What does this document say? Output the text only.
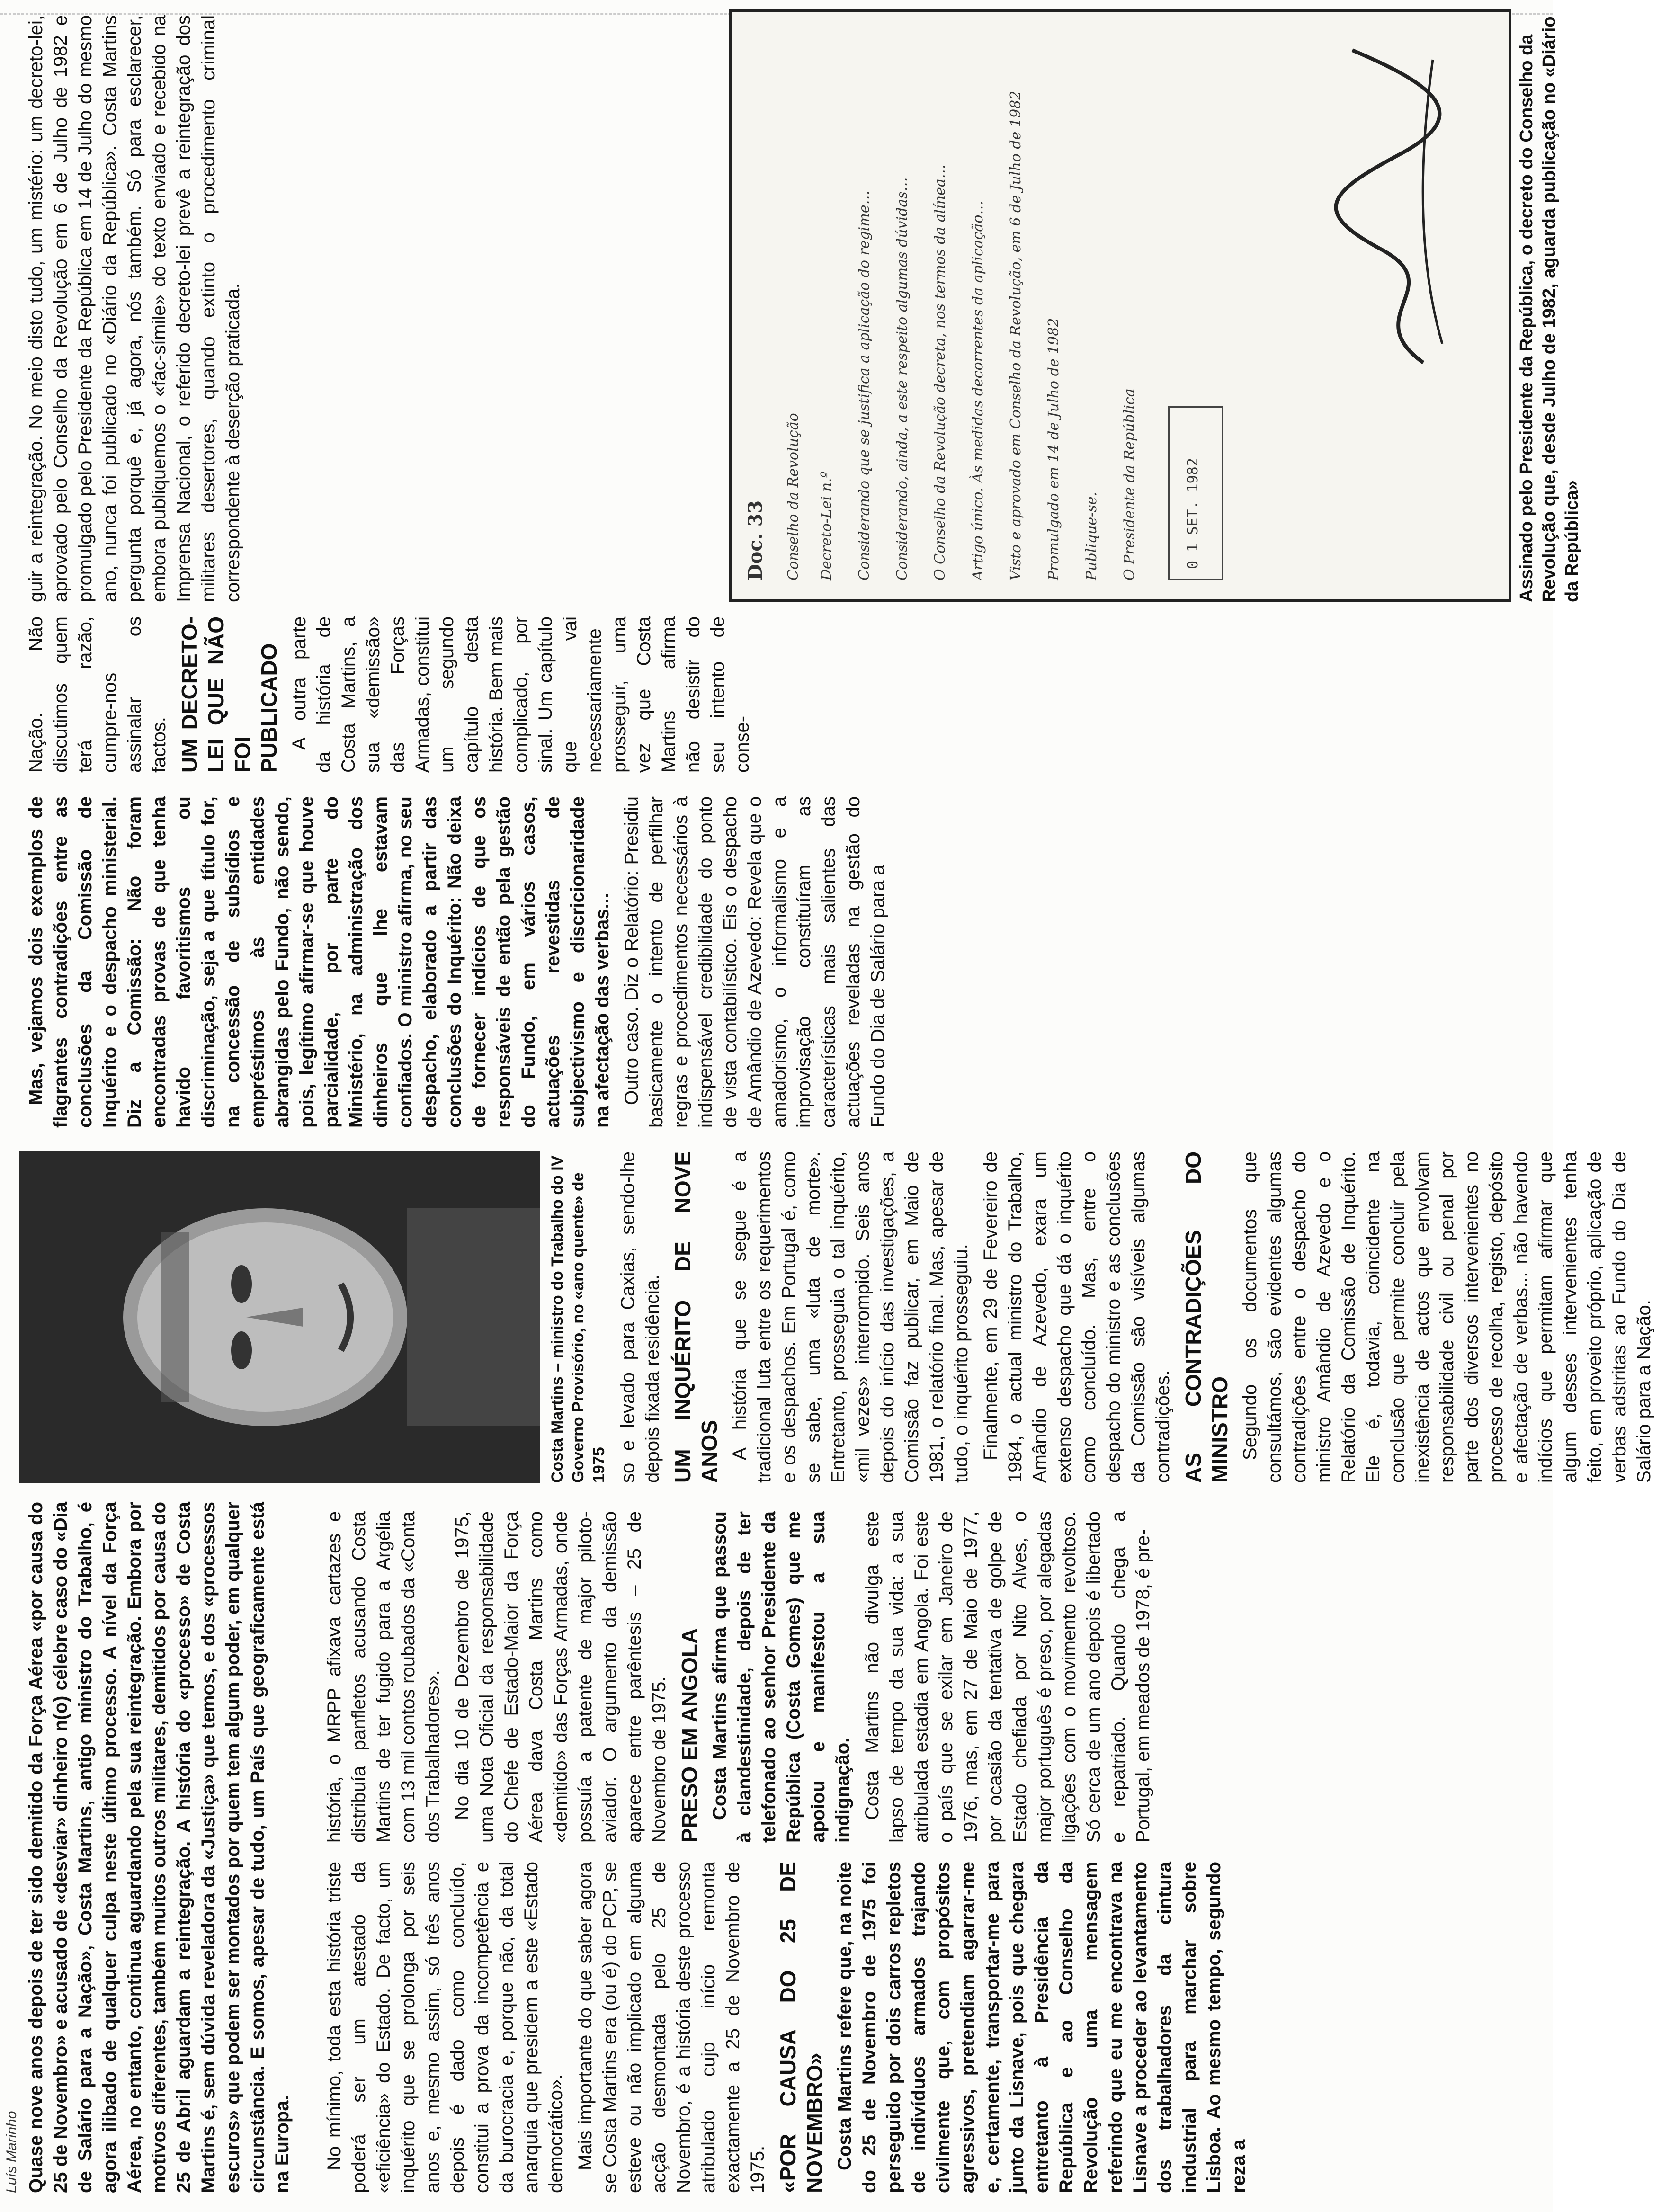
Luís Marinho Quase nove anos depois de ter sido demitido da Força Aérea «por causa do 25 de Novembro» e acusado de «desviar» dinheiro n(o) célebre caso do «Dia de Salário para a Nação», Costa Martins, antigo ministro do Trabalho, é agora ilibado de qualquer culpa neste último processo. A nível da Força Aérea, no entanto, continua aguardando pela sua reintegração. Embora por motivos diferentes, também muitos outros militares, demitidos por causa do 25 de Abril aguardam a reintegração. A história do «processo» de Costa Martins é, sem dúvida reveladora da «Justiça» que temos, e dos «processos escuros» que podem ser montados por quem tem algum poder, em qualquer circunstância. E somos, apesar de tudo, um País que geograficamente está na Europa. No mínimo, toda esta história triste poderá ser um atestado da «eficiência» do Estado. De facto, um inquérito que se prolonga por seis anos e, mesmo assim, só três anos depois é dado como concluído, constitui a prova da incompetência e da burocracia e, porque não, da total anarquia que presidem a este «Estado democrático». Mais importante do que saber agora se Costa Martins era (ou é) do PCP, se esteve ou não implicado em alguma acção desmontada pelo 25 de Novembro, é a história deste processo atribulado cujo início remonta exactamente a 25 de Novembro de 1975. «POR CAUSA DO 25 DE NOVEMBRO» Costa Martins refere que, na noite do 25 de Novembro de 1975 foi perseguido por dois carros repletos de indivíduos armados trajando civilmente que, com propósitos agressivos, pretendiam agarrar-me e, certamente, transportar-me para junto da Lisnave, pois que chegara entretanto à Presidência da República e ao Conselho da Revolução uma mensagem referindo que eu me encontrava na Lisnave a proceder ao levantamento dos trabalhadores da cintura industrial para marchar sobre Lisboa. Ao mesmo tempo, segundo reza a

história, o MRPP afixava cartazes e distribuía panfletos acusando Costa Martins de ter fugido para a Argélia com 13 mil contos roubados da «Conta dos Trabalhadores». No dia 10 de Dezembro de 1975, uma Nota Oficial da responsabilidade do Chefe de Estado-Maior da Força Aérea dava Costa Martins como «demitido» das Forças Armadas, onde possuía a patente de major piloto-aviador. O argumento da demissão aparece entre parêntesis – 25 de Novembro de 1975. PRESO EM ANGOLA Costa Martins afirma que passou à clandestinidade, depois de ter telefonado ao senhor Presidente da República (Costa Gomes) que me apoiou e manifestou a sua indignação. Costa Martins não divulga este lapso de tempo da sua vida: a sua atribulada estadia em Angola. Foi este o país que se exilar em Janeiro de 1976, mas, em 27 de Maio de 1977, por ocasião da tentativa de golpe de Estado chefiada por Nito Alves, o major português é preso, por alegadas ligações com o movimento revoltoso. Só cerca de um ano depois é libertado e repatriado. Quando chega a Portugal, em meados de 1978, é pre-

Costa Martins – ministro do Trabalho do IV Governo Provisório, no «ano quente» de 1975 so e levado para Caxias, sendo-lhe depois fixada residência. UM INQUÉRITO DE NOVE ANOS A história que se segue é a tradicional luta entre os requerimentos e os despachos. Em Portugal é, como se sabe, uma «luta de morte». Entretanto, prosseguia o tal inquérito, «mil vezes» interrompido. Seis anos depois do início das investigações, a Comissão faz publicar, em Maio de 1981, o relatório final. Mas, apesar de tudo, o inquérito prosseguiu. Finalmente, em 29 de Fevereiro de 1984, o actual ministro do Trabalho, Amândio de Azevedo, exara um extenso despacho que dá o inquérito como concluído. Mas, entre o despacho do ministro e as conclusões da Comissão são visíveis algumas contradições. AS CONTRADIÇÕES DO MINISTRO Segundo os documentos que consultámos, são evidentes algumas contradições entre o despacho do ministro Amândio de Azevedo e o Relatório da Comissão de Inquérito. Ele é, todavia, coincidente na conclusão que permite concluir pela inexistência de actos que envolvam responsabilidade civil ou penal por parte dos diversos intervenientes no processo de recolha, registo, depósito e afectação de verbas... não havendo indícios que permitam afirmar que algum desses intervenientes tenha feito, em proveito próprio, aplicação de verbas adstritas ao Fundo do Dia de Salário para a Nação.

Mas, vejamos dois exemplos de flagrantes contradições entre as conclusões da Comissão de Inquérito e o despacho ministerial. Diz a Comissão: Não foram encontradas provas de que tenha havido favoritismos ou discriminação, seja a que título for, na concessão de subsídios e empréstimos às entidades abrangidas pelo Fundo, não sendo, pois, legítimo afirmar-se que houve parcialidade, por parte do Ministério, na administração dos dinheiros que lhe estavam confiados. O ministro afirma, no seu despacho, elaborado a partir das conclusões do Inquérito: Não deixa de fornecer indícios de que os responsáveis de então pela gestão do Fundo, em vários casos, actuações revestidas de subjectivismo e discricionaridade na afectação das verbas... Outro caso. Diz o Relatório: Presidiu basicamente o intento de perfilhar regras e procedimentos necessários à indispensável credibilidade do ponto de vista contabilístico. Eis o despacho de Amândio de Azevedo: Revela que o amadorismo, o informalismo e a improvisação constituíram as características mais salientes das actuações reveladas na gestão do Fundo do Dia de Salário para a

Nação. Não discutimos quem terá razão, cumpre-nos assinalar os factos. UM DECRETO-LEI QUE NÃO FOI PUBLICADO A outra parte da história de Costa Martins, a sua «demissão» das Forças Armadas, constitui um segundo capítulo desta história. Bem mais complicado, por sinal. Um capítulo que vai necessariamente prosseguir, uma vez que Costa Martins afirma não desistir do seu intento de conse-

guir a reintegração. No meio disto tudo, um mistério: um decreto-lei, aprovado pelo Conselho da Revolução em 6 de Julho de 1982 e promulgado pelo Presidente da República em 14 de Julho do mesmo ano, nunca foi publicado no «Diário da República». Costa Martins pergunta porquê e, já agora, nós também. Só para esclarecer, embora publiquemos o «fac-símile» do texto enviado e recebido na Imprensa Nacional, o referido decreto-lei prevê a reintegração dos militares desertores, quando extinto o procedimento criminal correspondente à deserção praticada.	Doc. 33 Conselho da Revolução Decreto-Lei n.º Considerando que se justifica a aplicação do regime… Considerando, ainda, a este respeito algumas dúvidas… O Conselho da Revolução decreta, nos termos da alínea… Artigo único. Às medidas decorrentes da aplicação… Visto e aprovado em Conselho da Revolução, em 6 de Julho de 1982 Promulgado em 14 de Julho de 1982 Publique-se. O Presidente da República	0 1 SET. 1982	Assinado pelo Presidente da República, o decreto do Conselho da Revolução que, desde Julho de 1982, aguarda publicação no «Diário da República»
